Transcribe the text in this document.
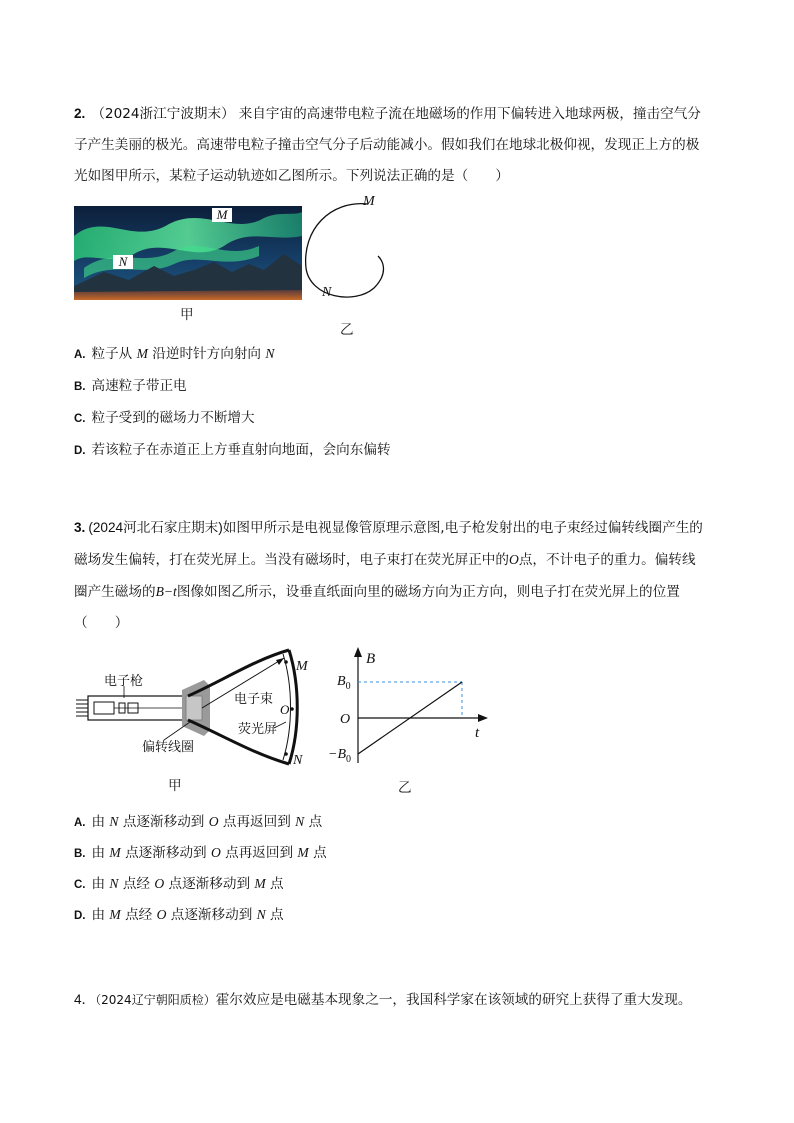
2. （2024浙江宁波期末） 来自宇宙的高速带电粒子流在地磁场的作用下偏转进入地球两极，撞击空气分
子产生美丽的极光。高速带电粒子撞击空气分子后动能减小。假如我们在地球北极仰视，发现正上方的极
光如图甲所示，某粒子运动轨迹如乙图所示。下列说法正确的是（　　）
M
N
甲
M
N
乙
A. 粒子从 M 沿逆时针方向射向 N
B. 高速粒子带正电
C. 粒子受到的磁场力不断增大
D. 若该粒子在赤道正上方垂直射向地面，会向东偏转
3. (2024河北石家庄期末)如图甲所示是电视显像管原理示意图,电子枪发射出的电子束经过偏转线圈产生的
磁场发生偏转，打在荧光屏上。当没有磁场时，电子束打在荧光屏正中的O点，不计电子的重力。偏转线
圈产生磁场的B−t图像如图乙所示，设垂直纸面向里的磁场方向为正方向，则电子打在荧光屏上的位置
（　　）
电子枪
电子束
荧光屏
偏转线圈
M
O
N
甲
B
$B_0$
O
$-B_0$
t
乙
A. 由 N 点逐渐移动到 O 点再返回到 N 点
B. 由 M 点逐渐移动到 O 点再返回到 M 点
C. 由 N 点经 O 点逐渐移动到 M 点
D. 由 M 点经 O 点逐渐移动到 N 点
4．（2024辽宁朝阳质检）霍尔效应是电磁基本现象之一，我国科学家在该领域的研究上获得了重大发现。
